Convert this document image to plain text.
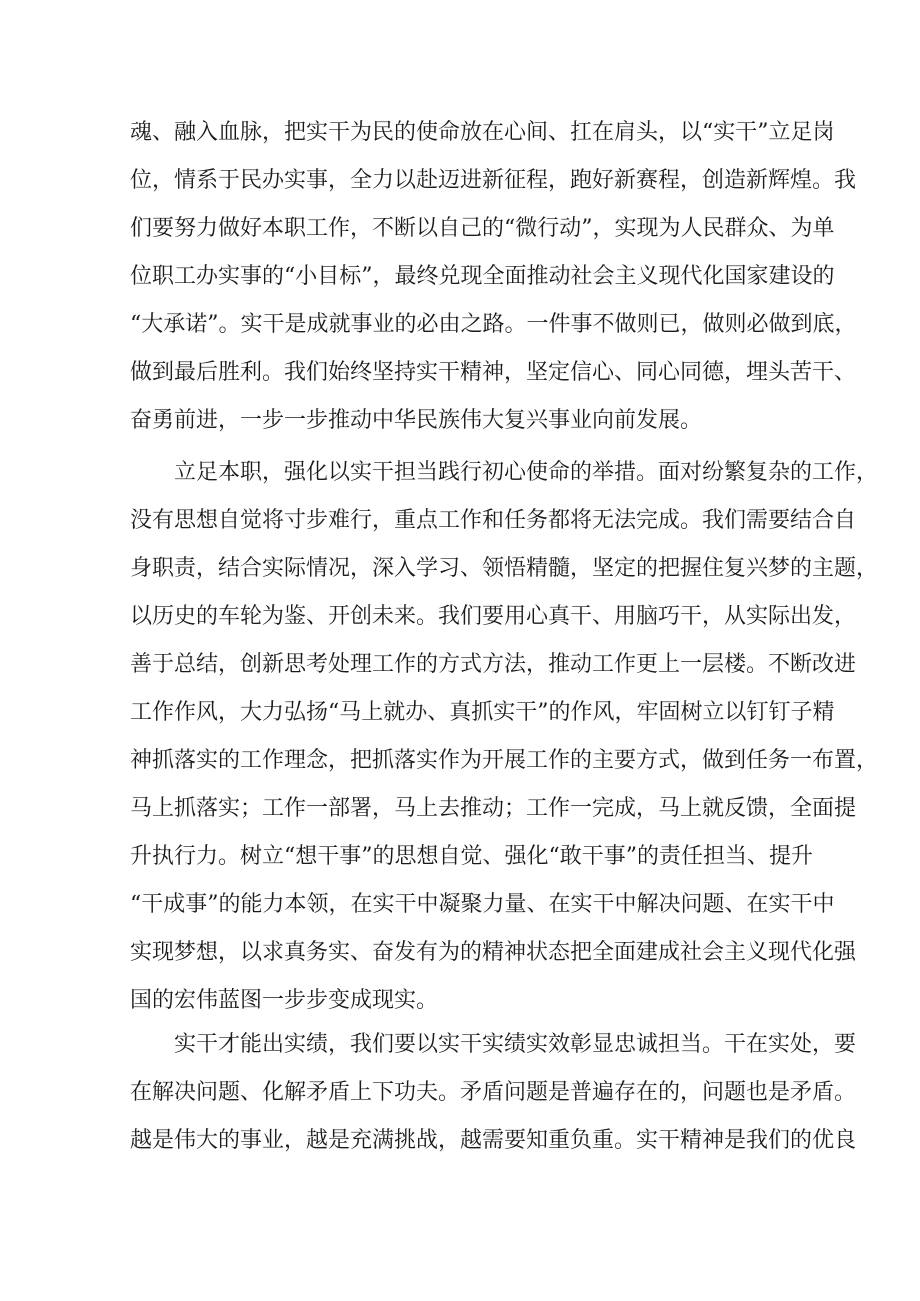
魂、融入血脉，把实干为民的使命放在心间、扛在肩头，以“实干”立足岗
位，情系于民办实事，全力以赴迈进新征程，跑好新赛程，创造新辉煌。我
们要努力做好本职工作，不断以自己的“微行动”，实现为人民群众、为单
位职工办实事的“小目标”，最终兑现全面推动社会主义现代化国家建设的
“大承诺”。实干是成就事业的必由之路。一件事不做则已，做则必做到底，
做到最后胜利。我们始终坚持实干精神，坚定信心、同心同德，埋头苦干、
奋勇前进，一步一步推动中华民族伟大复兴事业向前发展。
立足本职，强化以实干担当践行初心使命的举措。面对纷繁复杂的工作，
没有思想自觉将寸步难行，重点工作和任务都将无法完成。我们需要结合自
身职责，结合实际情况，深入学习、领悟精髓，坚定的把握住复兴梦的主题，
以历史的车轮为鉴、开创未来。我们要用心真干、用脑巧干，从实际出发，
善于总结，创新思考处理工作的方式方法，推动工作更上一层楼。不断改进
工作作风，大力弘扬“马上就办、真抓实干”的作风，牢固树立以钉钉子精
神抓落实的工作理念，把抓落实作为开展工作的主要方式，做到任务一布置，
马上抓落实；工作一部署，马上去推动；工作一完成，马上就反馈，全面提
升执行力。树立“想干事”的思想自觉、强化“敢干事”的责任担当、提升
“干成事”的能力本领，在实干中凝聚力量、在实干中解决问题、在实干中
实现梦想，以求真务实、奋发有为的精神状态把全面建成社会主义现代化强
国的宏伟蓝图一步步变成现实。
实干才能出实绩，我们要以实干实绩实效彰显忠诚担当。干在实处，要
在解决问题、化解矛盾上下功夫。矛盾问题是普遍存在的，问题也是矛盾。
越是伟大的事业，越是充满挑战，越需要知重负重。实干精神是我们的优良
